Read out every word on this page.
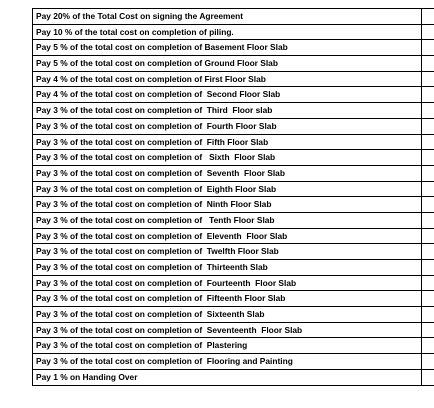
Pay 20% of the Total Cost on signing the Agreement
Pay 10 % of the total cost on completion of piling.
Pay 5 % of the total cost on completion of Basement Floor Slab
Pay 5 % of the total cost on completion of Ground Floor Slab
Pay 4 % of the total cost on completion of First Floor Slab
Pay 4 % of the total cost on completion of  Second Floor Slab
Pay 3 % of the total cost on completion of  Third  Floor slab
Pay 3 % of the total cost on completion of  Fourth Floor Slab
Pay 3 % of the total cost on completion of  Fifth Floor Slab
Pay 3 % of the total cost on completion of   Sixth  Floor Slab
Pay 3 % of the total cost on completion of  Seventh  Floor Slab
Pay 3 % of the total cost on completion of  Eighth Floor Slab
Pay 3 % of the total cost on completion of  Ninth Floor Slab
Pay 3 % of the total cost on completion of   Tenth Floor Slab
Pay 3 % of the total cost on completion of  Eleventh  Floor Slab
Pay 3 % of the total cost on completion of  Twelfth Floor Slab
Pay 3 % of the total cost on completion of  Thirteenth Slab
Pay 3 % of the total cost on completion of  Fourteenth  Floor Slab
Pay 3 % of the total cost on completion of  Fifteenth Floor Slab
Pay 3 % of the total cost on completion of  Sixteenth Slab
Pay 3 % of the total cost on completion of  Seventeenth  Floor Slab
Pay 3 % of the total cost on completion of  Plastering
Pay 3 % of the total cost on completion of  Flooring and Painting
Pay 1 % on Handing Over
